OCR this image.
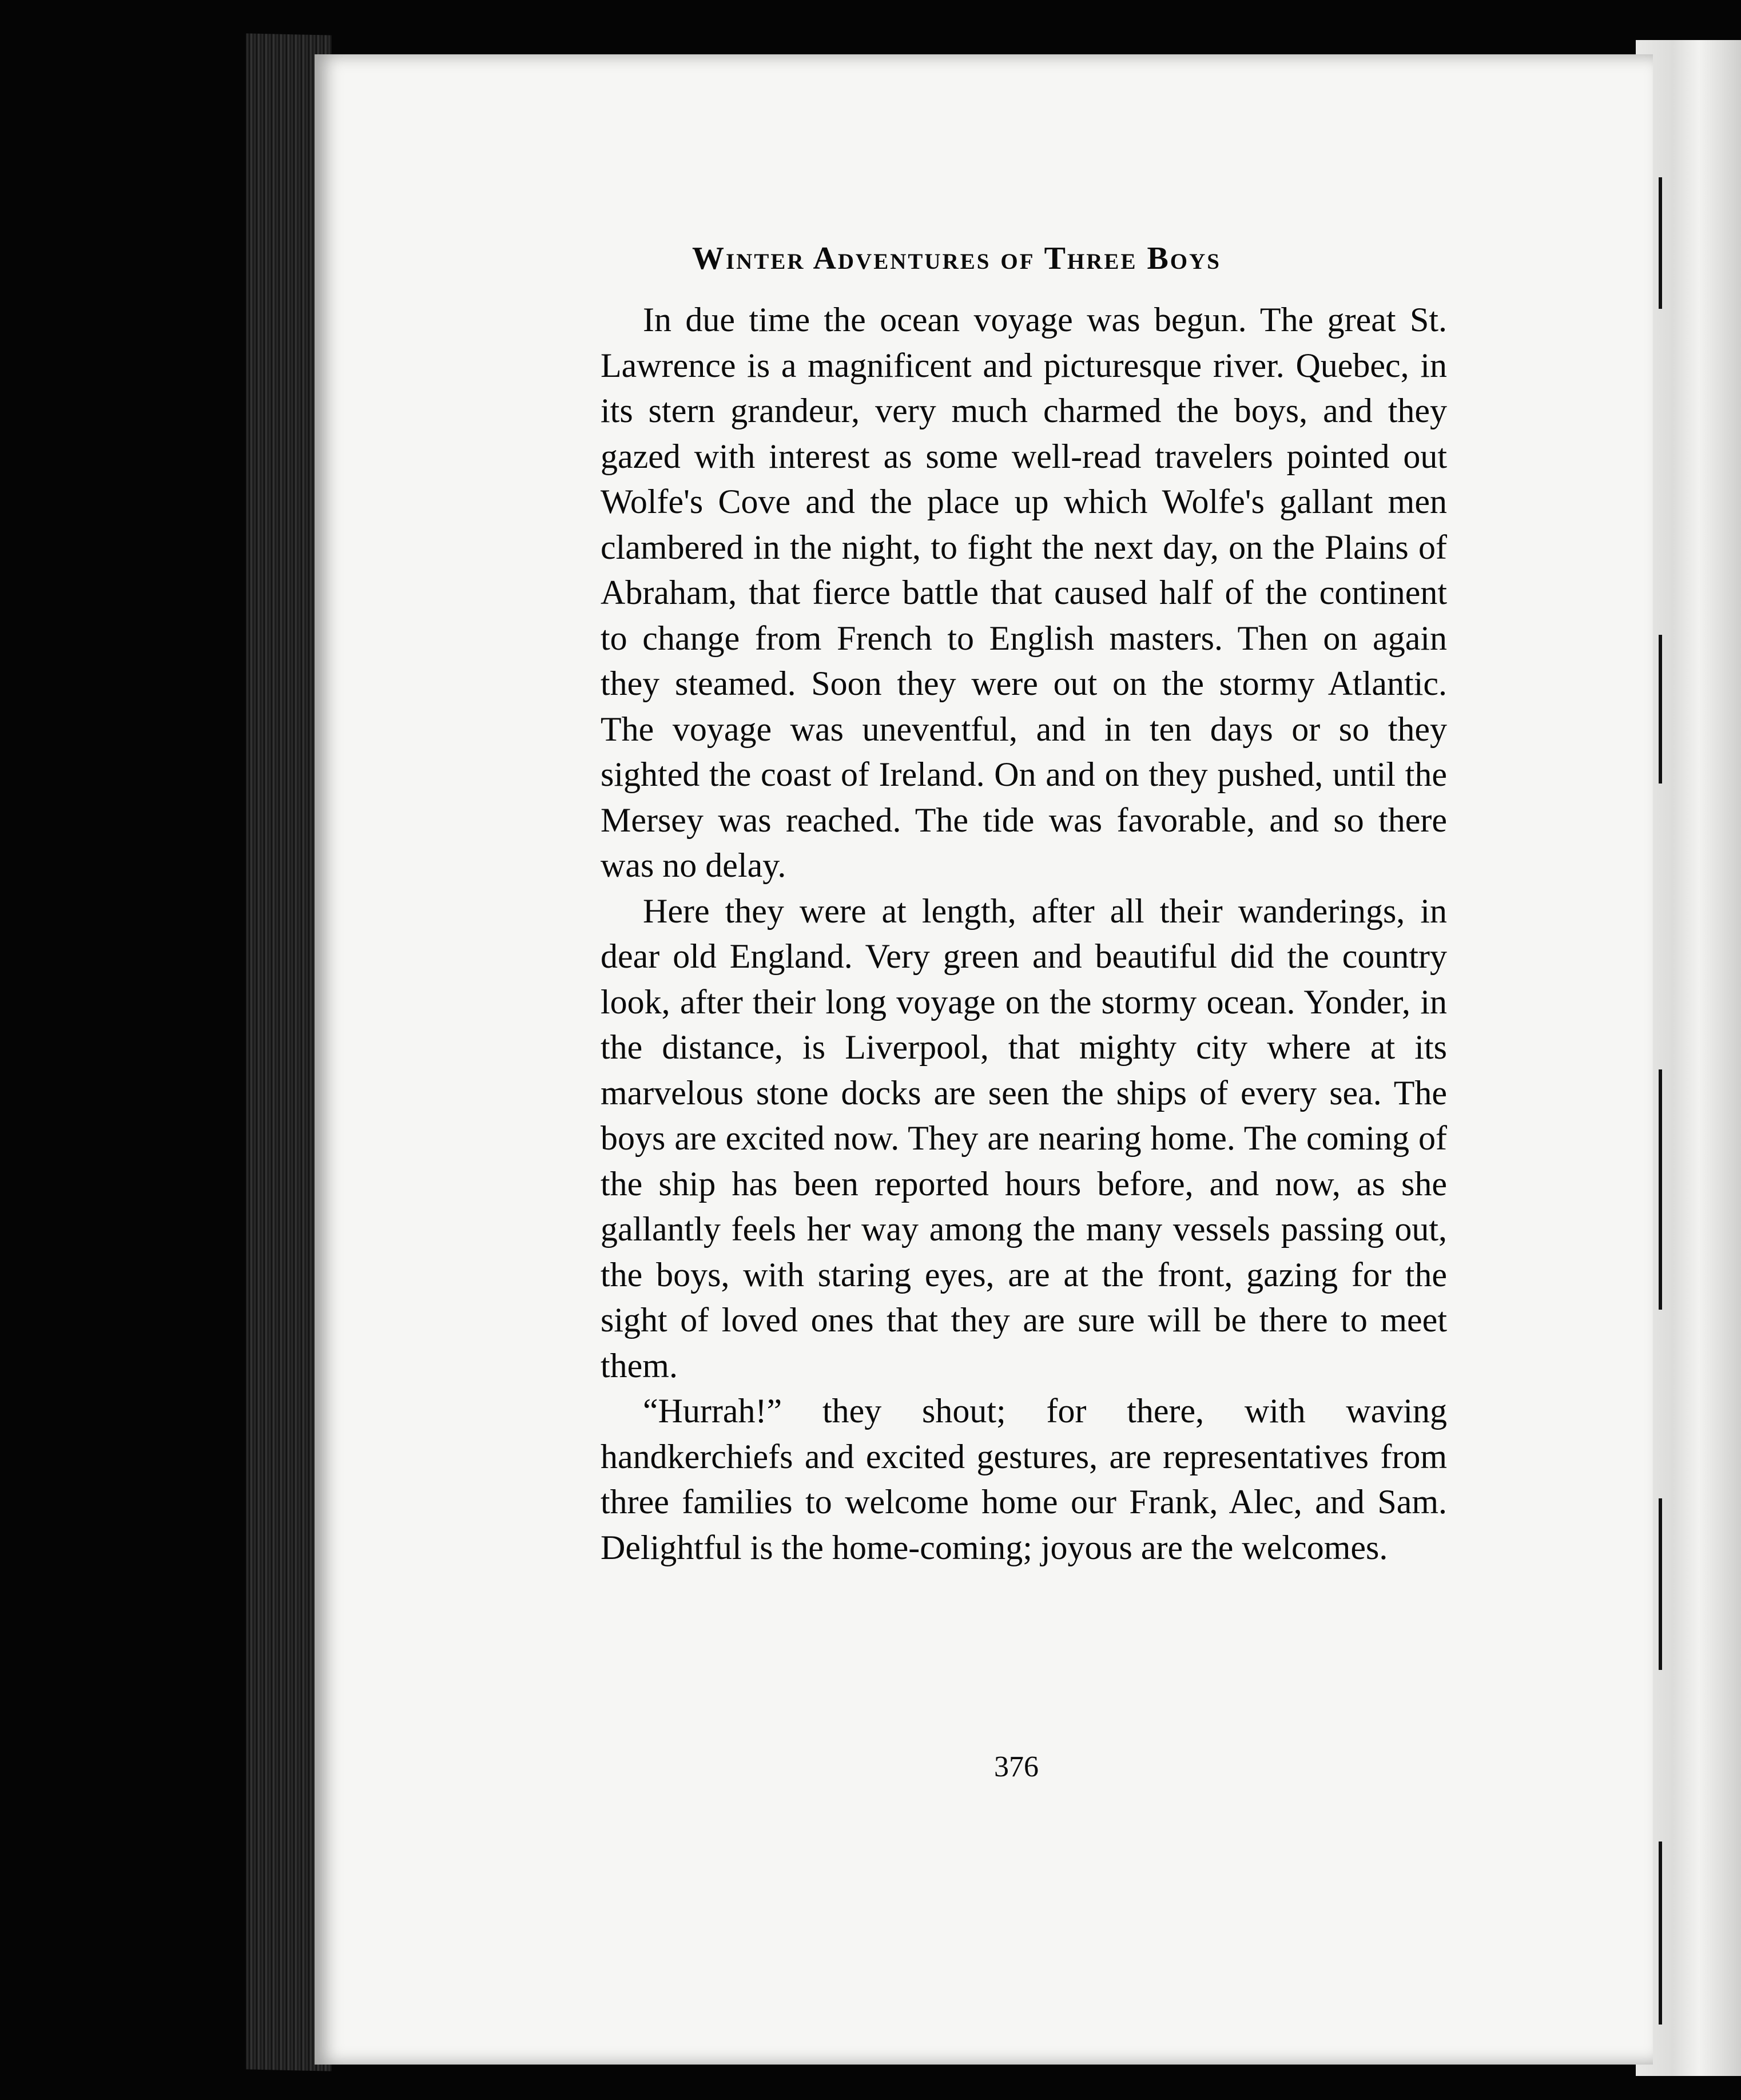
Winter Adventures of Three Boys

In due time the ocean voyage was begun. The great St. Lawrence is a magnificent and picturesque river. Quebec, in its stern grandeur, very much charmed the boys, and they gazed with interest as some well-read travelers pointed out Wolfe's Cove and the place up which Wolfe's gallant men clambered in the night, to fight the next day, on the Plains of Abraham, that fierce battle that caused half of the continent to change from French to English masters. Then on again they steamed. Soon they were out on the stormy Atlantic. The voyage was uneventful, and in ten days or so they sighted the coast of Ireland. On and on they pushed, until the Mersey was reached. The tide was favorable, and so there was no delay.

Here they were at length, after all their wanderings, in dear old England. Very green and beautiful did the country look, after their long voyage on the stormy ocean. Yonder, in the distance, is Liverpool, that mighty city where at its marvelous stone docks are seen the ships of every sea. The boys are excited now. They are nearing home. The coming of the ship has been reported hours before, and now, as she gallantly feels her way among the many vessels passing out, the boys, with staring eyes, are at the front, gazing for the sight of loved ones that they are sure will be there to meet them.

“Hurrah!” they shout; for there, with waving handkerchiefs and excited gestures, are representatives from three families to welcome home our Frank, Alec, and Sam. Delightful is the home-coming; joyous are the welcomes.

376
